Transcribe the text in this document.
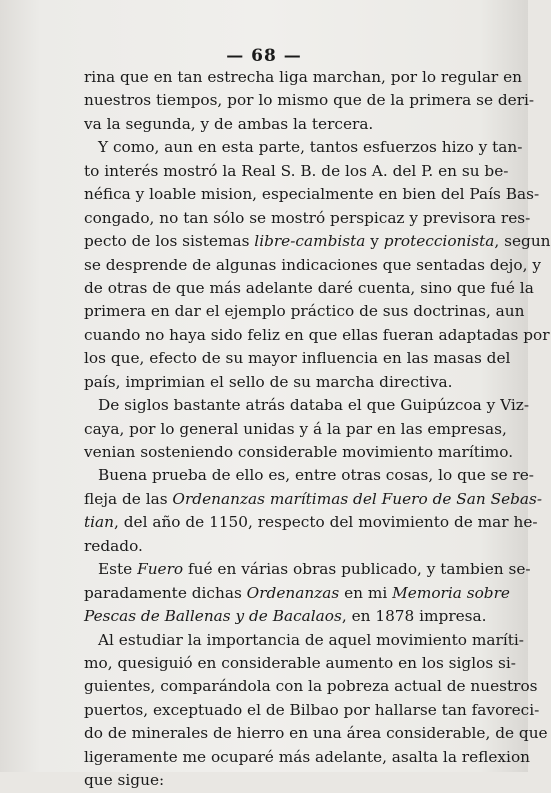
— 68 —
rina que en tan estrecha liga marchan, por lo regular en
nuestros tiempos, por lo mismo que de la primera se deri-
va la segunda, y de ambas la tercera.
Y como, aun en esta parte, tantos esfuerzos hizo y tan-
to interés mostró la Real S. B. de los A. del P. en su be-
néfica y loable mision, especialmente en bien del País Bas-
congado, no tan sólo se mostró perspicaz y previsora res-
pecto de los sistemas libre-cambista y proteccionista, segun
se desprende de algunas indicaciones que sentadas dejo, y
de otras de que más adelante daré cuenta, sino que fué la
primera en dar el ejemplo práctico de sus doctrinas, aun
cuando no haya sido feliz en que ellas fueran adaptadas por
los que, efecto de su mayor influencia en las masas del
país, imprimian el sello de su marcha directiva.
De siglos bastante atrás databa el que Guipúzcoa y Viz-
caya, por lo general unidas y á la par en las empresas,
venian sosteniendo considerable movimiento marítimo.
Buena prueba de ello es, entre otras cosas, lo que se re-
fleja de las Ordenanzas marítimas del Fuero de San Sebas-
tian, del año de 1150, respecto del movimiento de mar he-
redado.
Este Fuero fué en várias obras publicado, y tambien se-
paradamente dichas Ordenanzas en mi Memoria sobre
Pescas de Ballenas y de Bacalaos, en 1878 impresa.
Al estudiar la importancia de aquel movimiento maríti-
mo, quesiguió en considerable aumento en los siglos si-
guientes, comparándola con la pobreza actual de nuestros
puertos, exceptuado el de Bilbao por hallarse tan favoreci-
do de minerales de hierro en una área considerable, de que
ligeramente me ocuparé más adelante, asalta la reflexion
que sigue:
